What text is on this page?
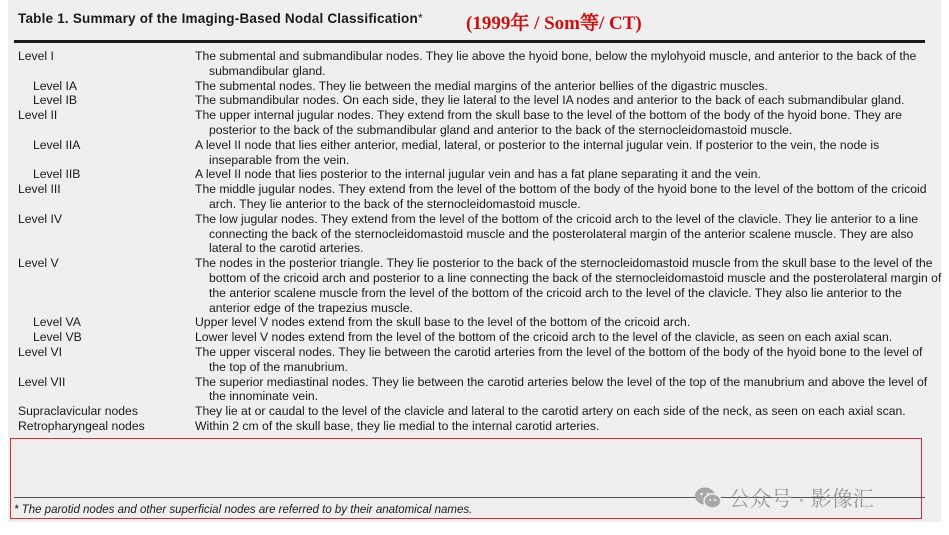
Table 1. Summary of the Imaging-Based Nodal Classification* (1999年 / Som等/ CT)
Level I	The submental and submandibular nodes. They lie above the hyoid bone, below the mylohyoid muscle, and anterior to the back of the submandibular gland.
Level IA	The submental nodes. They lie between the medial margins of the anterior bellies of the digastric muscles.
Level IB	The submandibular nodes. On each side, they lie lateral to the level IA nodes and anterior to the back of each submandibular gland.
Level II	The upper internal jugular nodes. They extend from the skull base to the level of the bottom of the body of the hyoid bone. They are posterior to the back of the submandibular gland and anterior to the back of the sternocleidomastoid muscle.
Level IIA	A level II node that lies either anterior, medial, lateral, or posterior to the internal jugular vein. If posterior to the vein, the node is inseparable from the vein.
Level IIB	A level II node that lies posterior to the internal jugular vein and has a fat plane separating it and the vein.
Level III	The middle jugular nodes. They extend from the level of the bottom of the body of the hyoid bone to the level of the bottom of the cricoid arch. They lie anterior to the back of the sternocleidomastoid muscle.
Level IV	The low jugular nodes. They extend from the level of the bottom of the cricoid arch to the level of the clavicle. They lie anterior to a line connecting the back of the sternocleidomastoid muscle and the posterolateral margin of the anterior scalene muscle. They are also lateral to the carotid arteries.
Level V	The nodes in the posterior triangle. They lie posterior to the back of the sternocleidomastoid muscle from the skull base to the level of the bottom of the cricoid arch and posterior to a line connecting the back of the sternocleidomastoid muscle and the posterolateral margin of the anterior scalene muscle from the level of the bottom of the cricoid arch to the level of the clavicle. They also lie anterior to the anterior edge of the trapezius muscle.
Level VA	Upper level V nodes extend from the skull base to the level of the bottom of the cricoid arch.
Level VB	Lower level V nodes extend from the level of the bottom of the cricoid arch to the level of the clavicle, as seen on each axial scan.
Level VI	The upper visceral nodes. They lie between the carotid arteries from the level of the bottom of the body of the hyoid bone to the level of the top of the manubrium.
Level VII	The superior mediastinal nodes. They lie between the carotid arteries below the level of the top of the manubrium and above the level of the innominate vein.
Supraclavicular nodes	They lie at or caudal to the level of the clavicle and lateral to the carotid artery on each side of the neck, as seen on each axial scan.
Retropharyngeal nodes	Within 2 cm of the skull base, they lie medial to the internal carotid arteries.
* The parotid nodes and other superficial nodes are referred to by their anatomical names.	公众号 · 影像汇
